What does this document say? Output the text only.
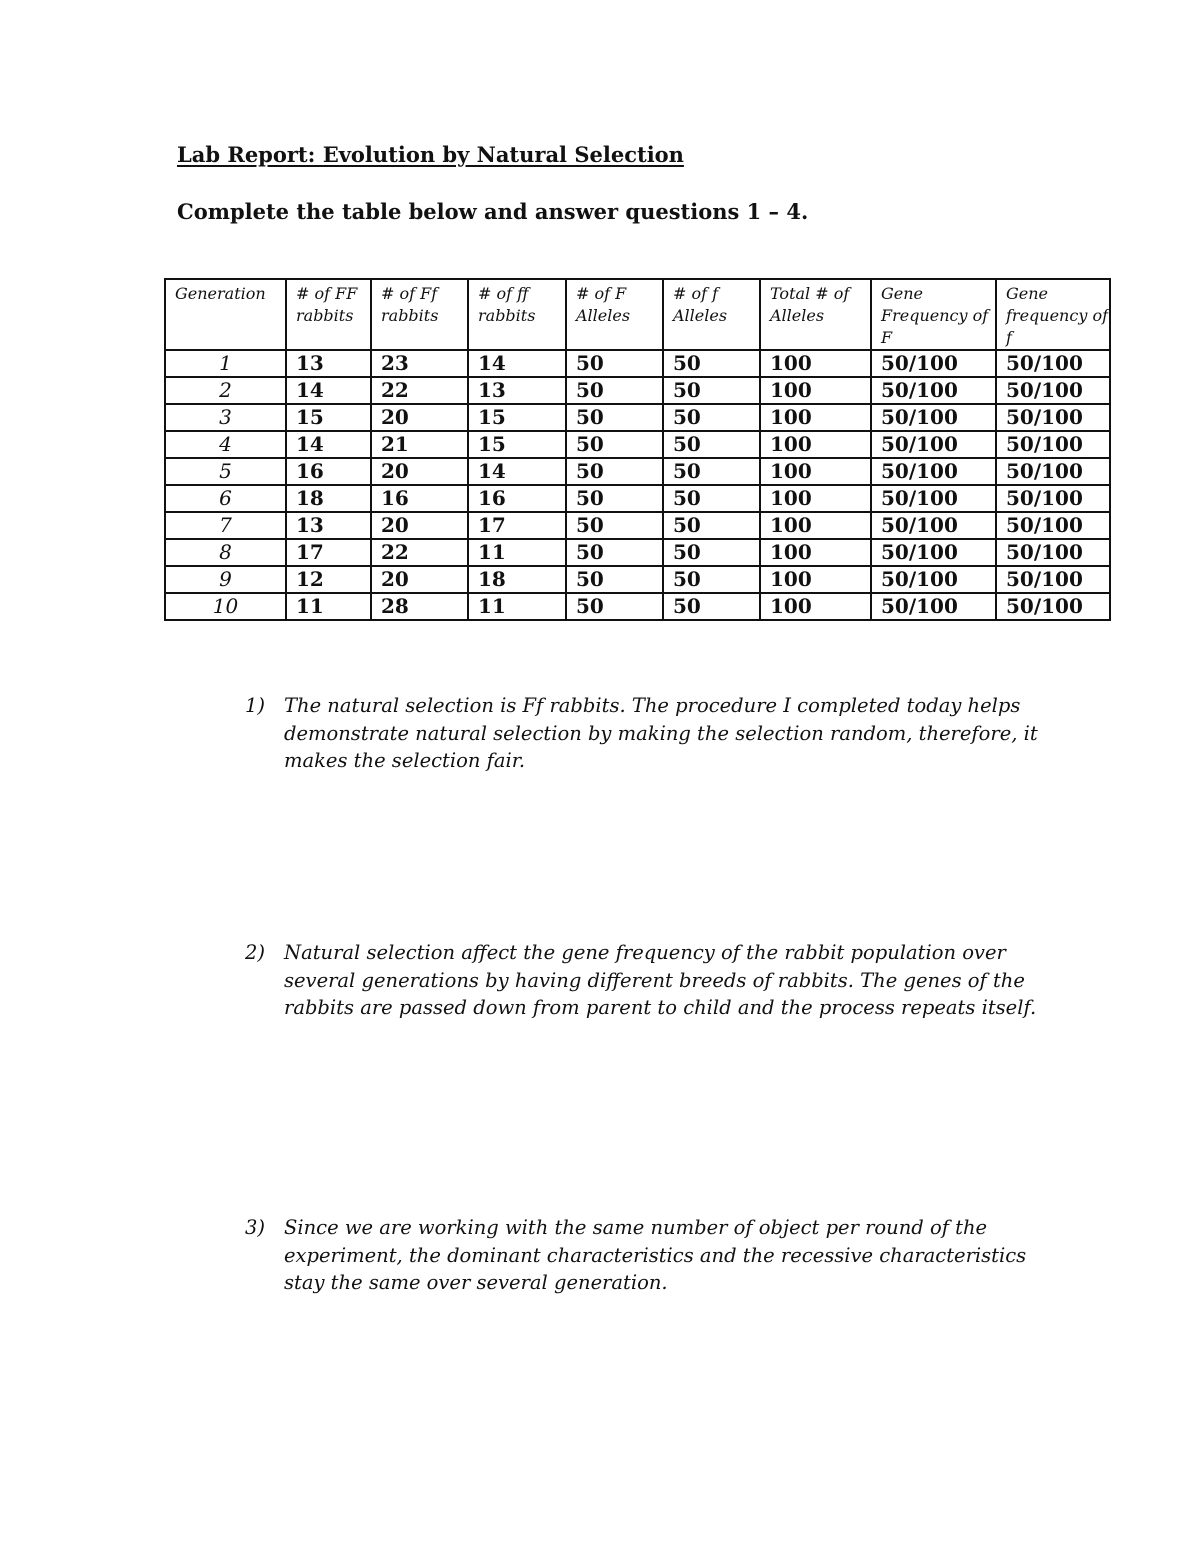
Lab Report: Evolution by Natural Selection
Complete the table below and answer questions 1 – 4.
Generation	# of FF rabbits	# of Ff rabbits	# of ff rabbits	# of F Alleles	# of f Alleles	Total # of Alleles	Gene Frequency of F	Gene frequency of f
1	13	23	14	50	50	100	50/100	50/100
2	14	22	13	50	50	100	50/100	50/100
3	15	20	15	50	50	100	50/100	50/100
4	14	21	15	50	50	100	50/100	50/100
5	16	20	14	50	50	100	50/100	50/100
6	18	16	16	50	50	100	50/100	50/100
7	13	20	17	50	50	100	50/100	50/100
8	17	22	11	50	50	100	50/100	50/100
9	12	20	18	50	50	100	50/100	50/100
10	11	28	11	50	50	100	50/100	50/100
1) The natural selection is Ff rabbits. The procedure I completed today helps demonstrate natural selection by making the selection random, therefore, it makes the selection fair.
2) Natural selection affect the gene frequency of the rabbit population over several generations by having different breeds of rabbits. The genes of the rabbits are passed down from parent to child and the process repeats itself.
3) Since we are working with the same number of object per round of the experiment, the dominant characteristics and the recessive characteristics stay the same over several generation.
